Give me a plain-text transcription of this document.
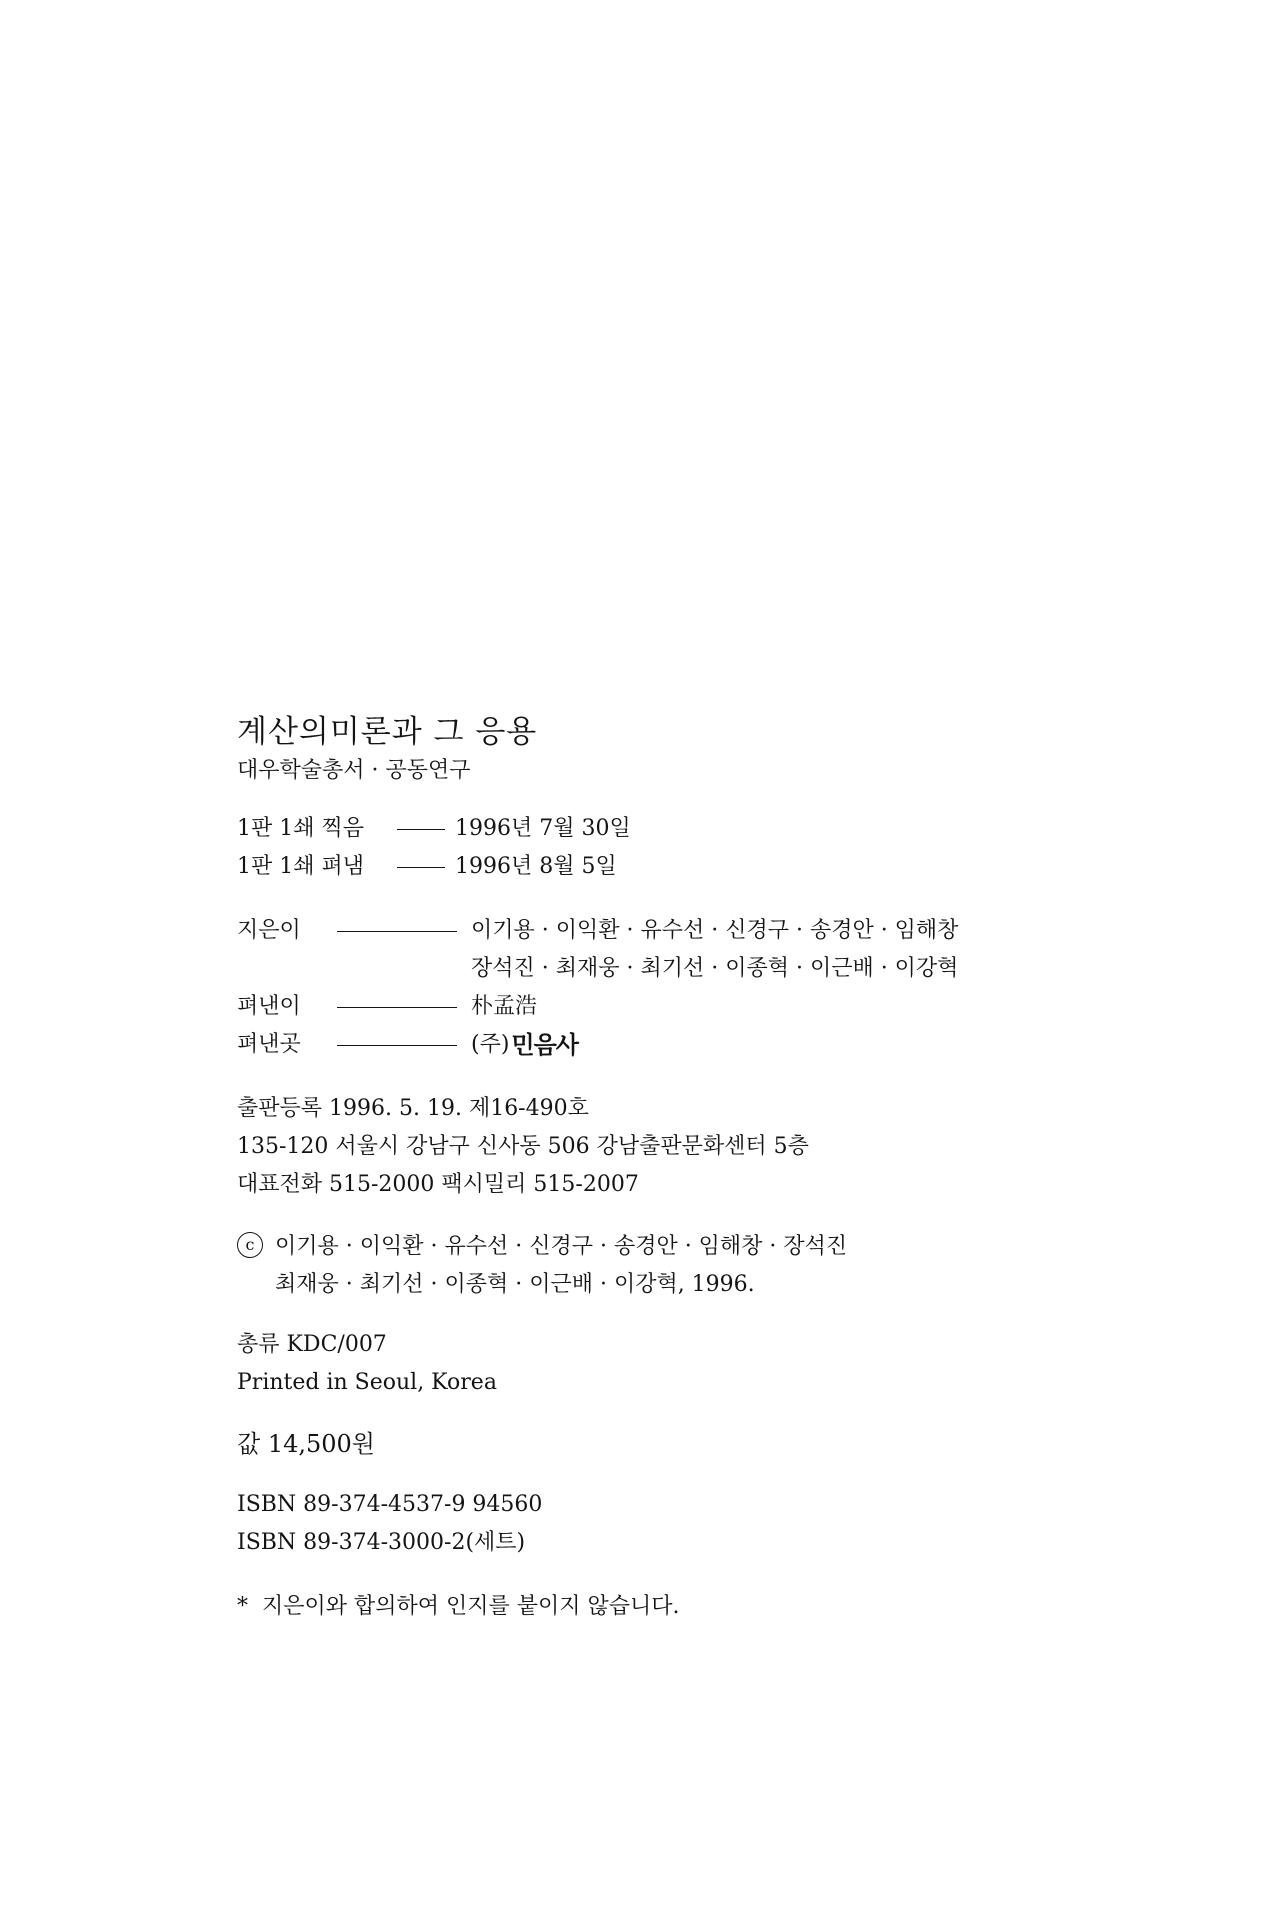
계산의미론과 그 응용
대우학술총서 · 공동연구
1판 1쇄 찍음	1996년 7월 30일
1판 1쇄 펴냄	1996년 8월 5일
지은이	이기용 · 이익환 · 유수선 · 신경구 · 송경안 · 임해창
장석진 · 최재웅 · 최기선 · 이종혁 · 이근배 · 이강혁
펴낸이	朴孟浩
펴낸곳	(주) 민음사
출판등록 1996. 5. 19. 제16-490호
135-120 서울시 강남구 신사동 506 강남출판문화센터 5층
대표전화 515-2000 팩시밀리 515-2007
c 이기용 · 이익환 · 유수선 · 신경구 · 송경안 · 임해창 · 장석진
최재웅 · 최기선 · 이종혁 · 이근배 · 이강혁, 1996.
총류 KDC/007
Printed in Seoul, Korea
값 14,500원
ISBN 89-374-4537-9 94560
ISBN 89-374-3000-2(세트)
* 지은이와 합의하여 인지를 붙이지 않습니다.
